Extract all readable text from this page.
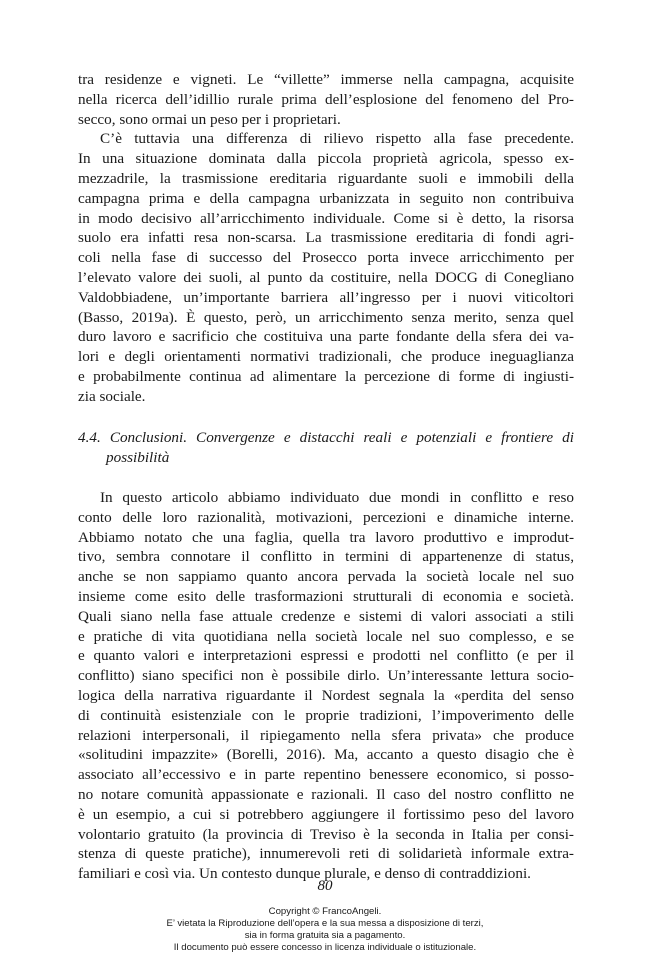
tra residenze e vigneti. Le “villette” immerse nella campagna, acquisite
nella ricerca dell’idillio rurale prima dell’esplosione del fenomeno del Pro-
secco, sono ormai un peso per i proprietari.
C’è tuttavia una differenza di rilievo rispetto alla fase precedente.
In una situazione dominata dalla piccola proprietà agricola, spesso ex-
mezzadrile, la trasmissione ereditaria riguardante suoli e immobili della
campagna prima e della campagna urbanizzata in seguito non contribuiva
in modo decisivo all’arricchimento individuale. Come si è detto, la risorsa
suolo era infatti resa non-scarsa. La trasmissione ereditaria di fondi agri-
coli nella fase di successo del Prosecco porta invece arricchimento per
l’elevato valore dei suoli, al punto da costituire, nella DOCG di Conegliano
Valdobbiadene, un’importante barriera all’ingresso per i nuovi viticoltori
(Basso, 2019a). È questo, però, un arricchimento senza merito, senza quel
duro lavoro e sacrificio che costituiva una parte fondante della sfera dei va-
lori e degli orientamenti normativi tradizionali, che produce ineguaglianza
e probabilmente continua ad alimentare la percezione di forme di ingiusti-
zia sociale.
4.4. Conclusioni. Convergenze e distacchi reali e potenziali e frontiere di
possibilità
In questo articolo abbiamo individuato due mondi in conflitto e reso
conto delle loro razionalità, motivazioni, percezioni e dinamiche interne.
Abbiamo notato che una faglia, quella tra lavoro produttivo e improdut-
tivo, sembra connotare il conflitto in termini di appartenenze di status,
anche se non sappiamo quanto ancora pervada la società locale nel suo
insieme come esito delle trasformazioni strutturali di economia e società.
Quali siano nella fase attuale credenze e sistemi di valori associati a stili
e pratiche di vita quotidiana nella società locale nel suo complesso, e se
e quanto valori e interpretazioni espressi e prodotti nel conflitto (e per il
conflitto) siano specifici non è possibile dirlo. Un’interessante lettura socio-
logica della narrativa riguardante il Nordest segnala la «perdita del senso
di continuità esistenziale con le proprie tradizioni, l’impoverimento delle
relazioni interpersonali, il ripiegamento nella sfera privata» che produce
«solitudini impazzite» (Borelli, 2016). Ma, accanto a questo disagio che è
associato all’eccessivo e in parte repentino benessere economico, si posso-
no notare comunità appassionate e razionali. Il caso del nostro conflitto ne
è un esempio, a cui si potrebbero aggiungere il fortissimo peso del lavoro
volontario gratuito (la provincia di Treviso è la seconda in Italia per consi-
stenza di queste pratiche), innumerevoli reti di solidarietà informale extra-
familiari e così via. Un contesto dunque plurale, e denso di contraddizioni.
80
Copyright © FrancoAngeli.
E’ vietata la Riproduzione dell’opera e la sua messa a disposizione di terzi,
sia in forma gratuita sia a pagamento.
Il documento può essere concesso in licenza individuale o istituzionale.
